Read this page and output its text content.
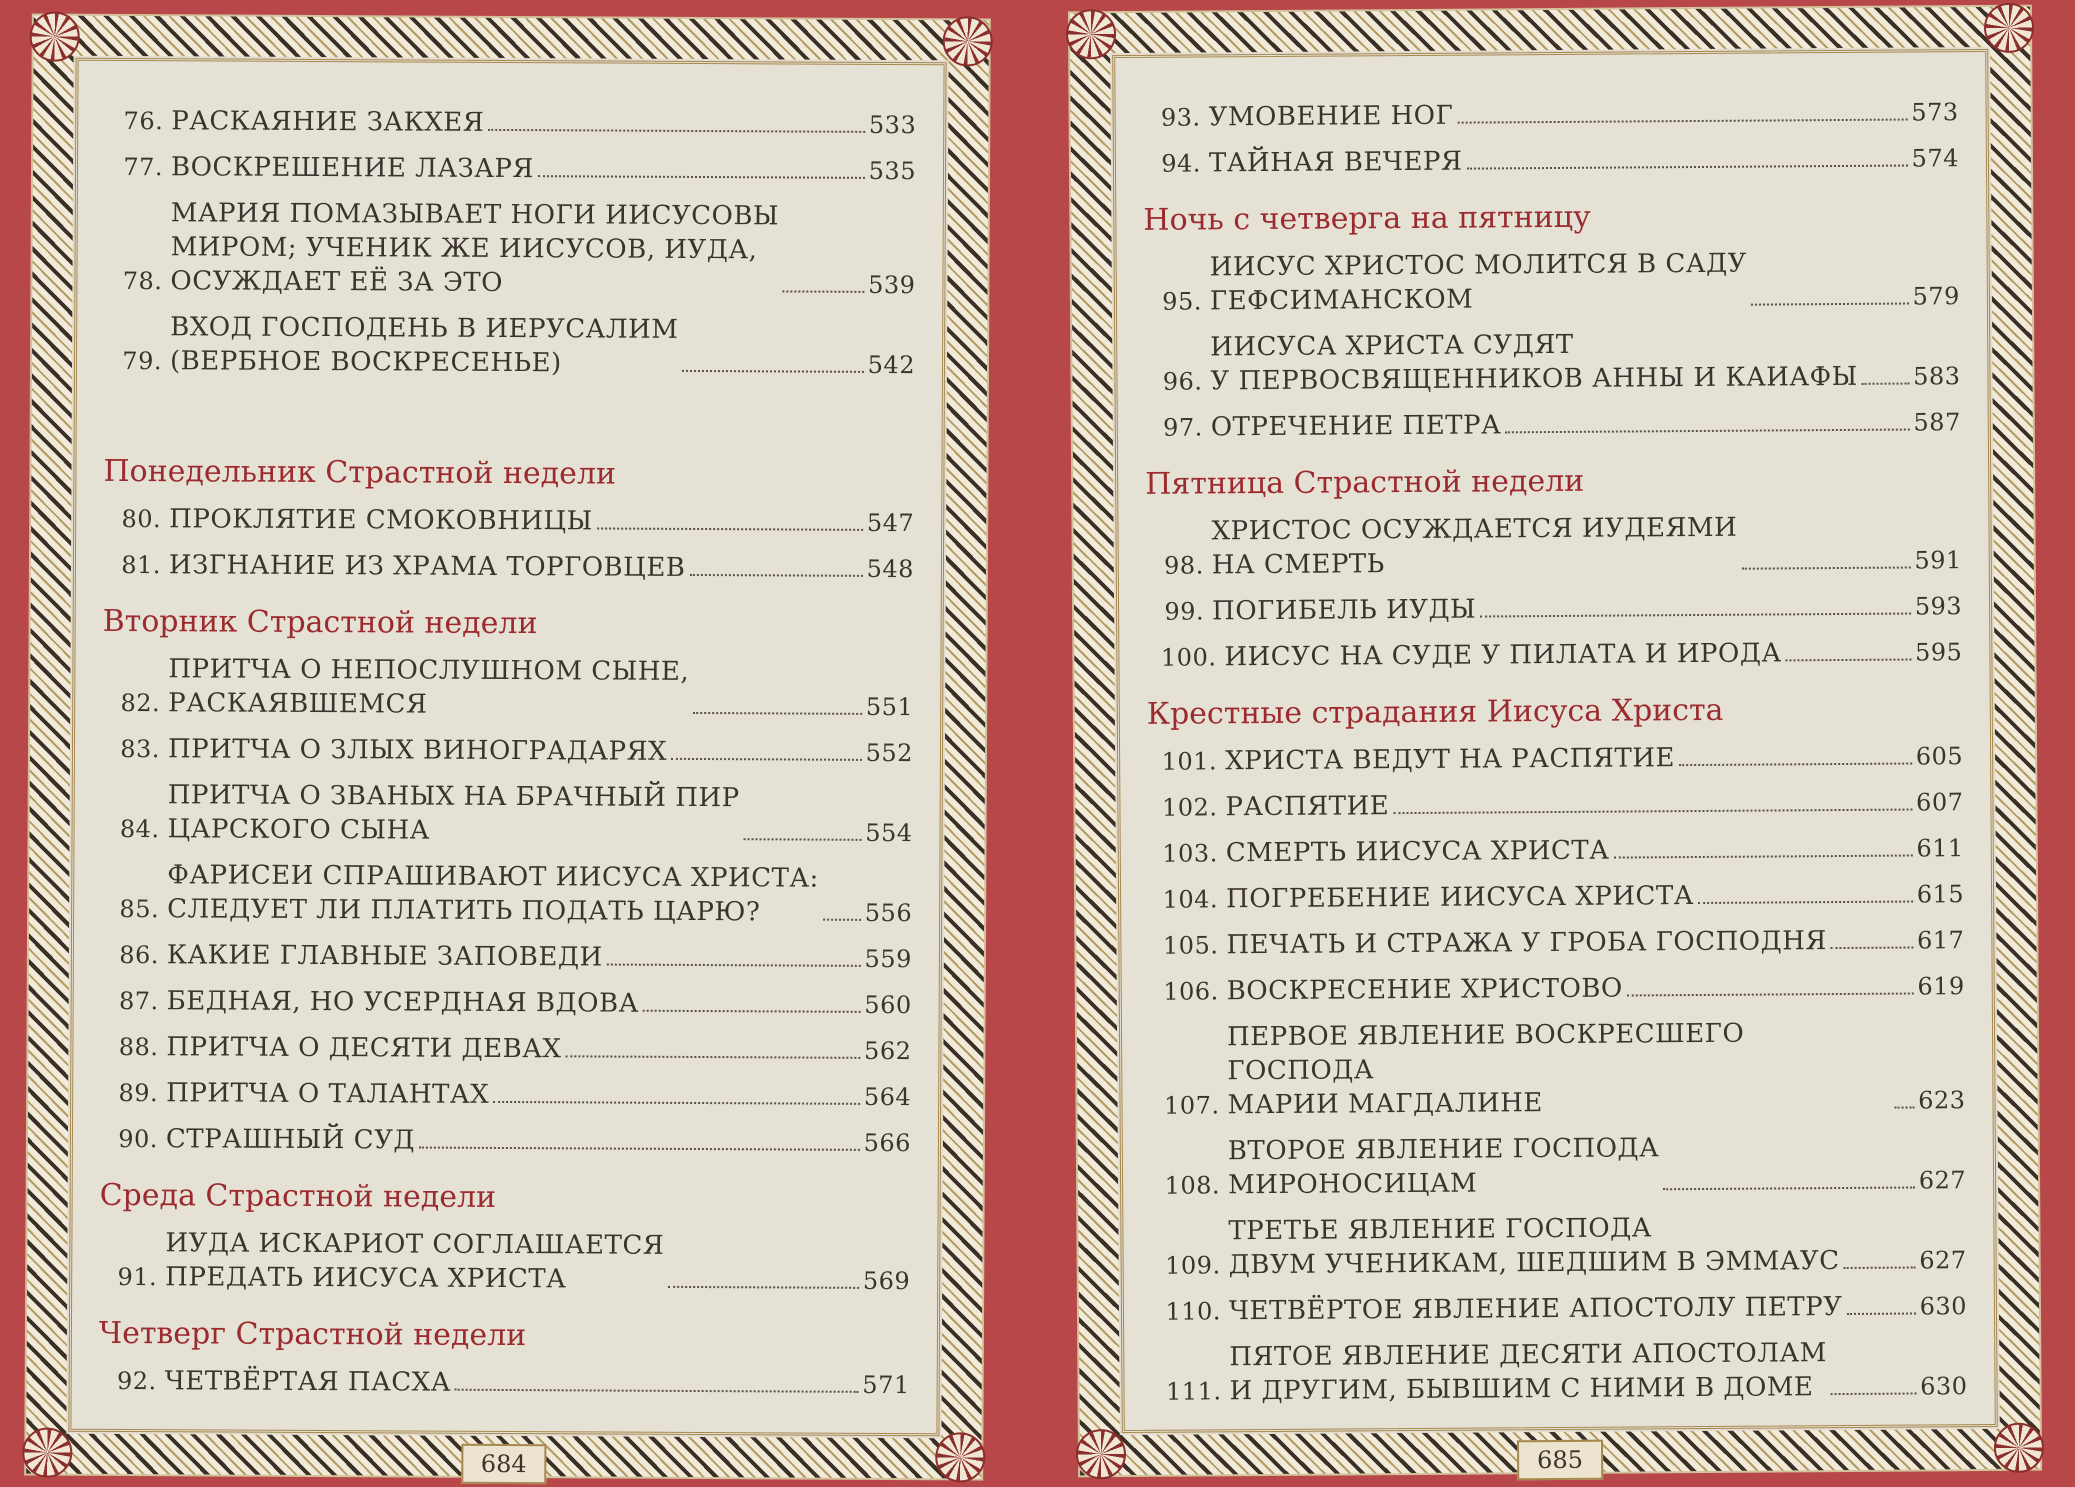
76. РАСКАЯНИЕ ЗАКХЕЯ	533
77. ВОСКРЕШЕНИЕ ЛАЗАРЯ	535
78.
МАРИЯ ПОМАЗЫВАЕТ НОГИ ИИСУСОВЫ
МИРОМ; УЧЕНИК ЖЕ ИИСУСОВ, ИУДА,
ОСУЖДАЕТ ЕЁ ЗА ЭТО	539
79.
ВХОД ГОСПОДЕНЬ В ИЕРУСАЛИМ
(ВЕРБНОЕ ВОСКРЕСЕНЬЕ)	542
Понедельник Страстной недели
80. ПРОКЛЯТИЕ СМОКОВНИЦЫ	547
81. ИЗГНАНИЕ ИЗ ХРАМА ТОРГОВЦЕВ	548
Вторник Страстной недели
82.
ПРИТЧА О НЕПОСЛУШНОМ СЫНЕ,
РАСКАЯВШЕМСЯ	551
83. ПРИТЧА О ЗЛЫХ ВИНОГРАДАРЯХ	552
84.
ПРИТЧА О ЗВАНЫХ НА БРАЧНЫЙ ПИР
ЦАРСКОГО СЫНА	554
85.
ФАРИСЕИ СПРАШИВАЮТ ИИСУСА ХРИСТА:
СЛЕДУЕТ ЛИ ПЛАТИТЬ ПОДАТЬ ЦАРЮ?	556
86. КАКИЕ ГЛАВНЫЕ ЗАПОВЕДИ	559
87. БЕДНАЯ, НО УСЕРДНАЯ ВДОВА	560
88. ПРИТЧА О ДЕСЯТИ ДЕВАХ	562
89. ПРИТЧА О ТАЛАНТАХ	564
90. СТРАШНЫЙ СУД	566
Среда Страстной недели
91.
ИУДА ИСКАРИОТ СОГЛАШАЕТСЯ
ПРЕДАТЬ ИИСУСА ХРИСТА	569
Четверг Страстной недели
92. ЧЕТВЁРТАЯ ПАСХА	571
684
93. УМОВЕНИЕ НОГ	573
94. ТАЙНАЯ ВЕЧЕРЯ	574
Ночь с четверга на пятницу
95.
ИИСУС ХРИСТОС МОЛИТСЯ В САДУ
ГЕФСИМАНСКОМ	579
96.
ИИСУСА ХРИСТА СУДЯТ
У ПЕРВОСВЯЩЕННИКОВ АННЫ И КАИАФЫ 583
97. ОТРЕЧЕНИЕ ПЕТРА	587
Пятница Страстной недели
98.
ХРИСТОС ОСУЖДАЕТСЯ ИУДЕЯМИ
НА СМЕРТЬ	591
99. ПОГИБЕЛЬ ИУДЫ	593
100. ИИСУС НА СУДЕ У ПИЛАТА И ИРОДА	595
Крестные страдания Иисуса Христа
101. ХРИСТА ВЕДУТ НА РАСПЯТИЕ	605
102. РАСПЯТИЕ	607
103. СМЕРТЬ ИИСУСА ХРИСТА	611
104. ПОГРЕБЕНИЕ ИИСУСА ХРИСТА	615
105. ПЕЧАТЬ И СТРАЖА У ГРОБА ГОСПОДНЯ	617
106. ВОСКРЕСЕНИЕ ХРИСТОВО	619
107.
ПЕРВОЕ ЯВЛЕНИЕ ВОСКРЕСШЕГО ГОСПОДА
МАРИИ МАГДАЛИНЕ	623
108.
ВТОРОЕ ЯВЛЕНИЕ ГОСПОДА
МИРОНОСИЦАМ	627
109.
ТРЕТЬЕ ЯВЛЕНИЕ ГОСПОДА
ДВУМ УЧЕНИКАМ, ШЕДШИМ В ЭММАУС	627
110. ЧЕТВЁРТОЕ ЯВЛЕНИЕ АПОСТОЛУ ПЕТРУ	630
111.
ПЯТОЕ ЯВЛЕНИЕ ДЕСЯТИ АПОСТОЛАМ
И ДРУГИМ, БЫВШИМ С НИМИ В ДОМЕ	630
685
